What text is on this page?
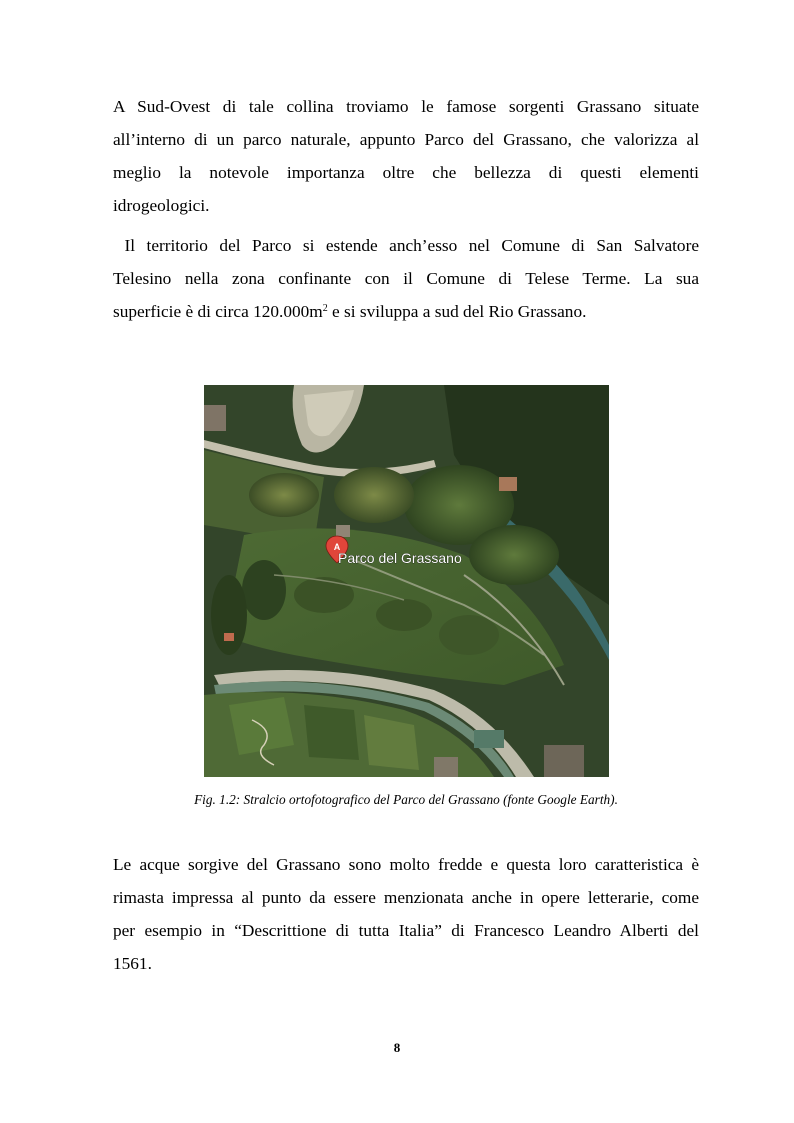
A Sud-Ovest di tale collina troviamo le famose sorgenti Grassano situate
all’interno di un parco naturale, appunto Parco del Grassano, che valorizza al
meglio la notevole importanza oltre che bellezza di questi elementi
idrogeologici.
Il territorio del Parco si estende anch’esso nel Comune di San Salvatore
Telesino nella zona confinante con il Comune di Telese Terme. La sua
superficie è di circa $120.000m^2$ e si sviluppa a sud del Rio Grassano.
A
Parco del Grassano

Fig. 1.2: Stralcio ortofotografico del Parco del Grassano (fonte Google Earth).

Le acque sorgive del Grassano sono molto fredde e questa loro caratteristica è
rimasta impressa al punto da essere menzionata anche in opere letterarie, come
per esempio in “Descrittione di tutta Italia” di Francesco Leandro Alberti del
1561.

8
